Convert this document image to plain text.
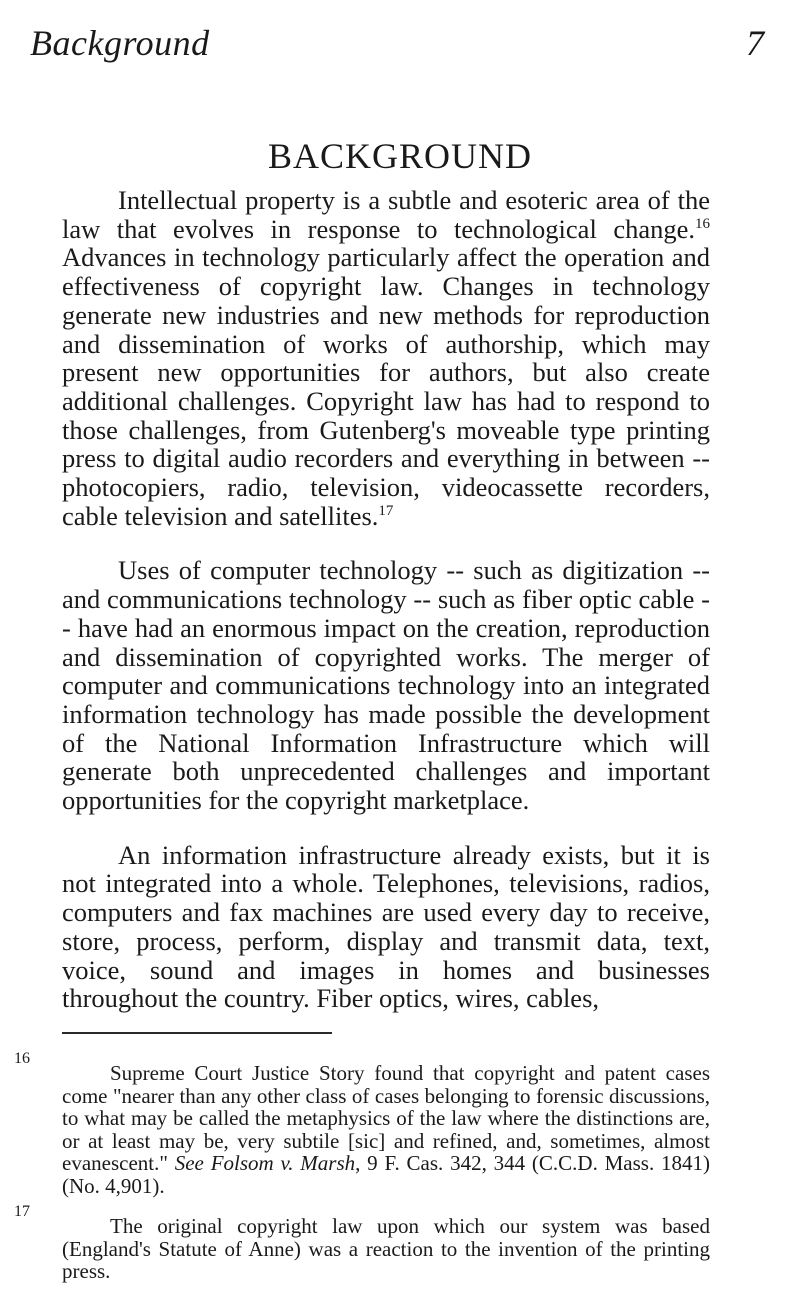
Background	7
BACKGROUND

Intellectual property is a subtle and esoteric area of the law that evolves in response to technological change.$^{16}$ Advances in technology particularly affect the operation and effectiveness of copyright law. Changes in technology generate new industries and new methods for reproduction and dissemination of works of authorship, which may present new opportunities for authors, but also create additional challenges. Copyright law has had to respond to those challenges, from Gutenberg's moveable type printing press to digital audio recorders and everything in between -- photocopiers, radio, television, videocassette recorders, cable television and satellites.$^{17}$

Uses of computer technology -- such as digitization -- and communications technology -- such as fiber optic cable -- have had an enormous impact on the creation, reproduction and dissemination of copyrighted works. The merger of computer and communications technology into an integrated information technology has made possible the development of the National Information Infrastructure which will generate both unprecedented challenges and important opportunities for the copyright marketplace.

An information infrastructure already exists, but it is not integrated into a whole. Telephones, televisions, radios, computers and fax machines are used every day to receive, store, process, perform, display and transmit data, text, voice, sound and images in homes and businesses throughout the country. Fiber optics, wires, cables,

16
Supreme Court Justice Story found that copyright and patent cases come "nearer than any other class of cases belonging to forensic discussions, to what may be called the metaphysics of the law where the distinctions are, or at least may be, very subtile [sic] and refined, and, sometimes, almost evanescent." See Folsom v. Marsh, 9 F. Cas. 342, 344 (C.C.D. Mass. 1841) (No. 4,901).

17
The original copyright law upon which our system was based (England's Statute of Anne) was a reaction to the invention of the printing press.
